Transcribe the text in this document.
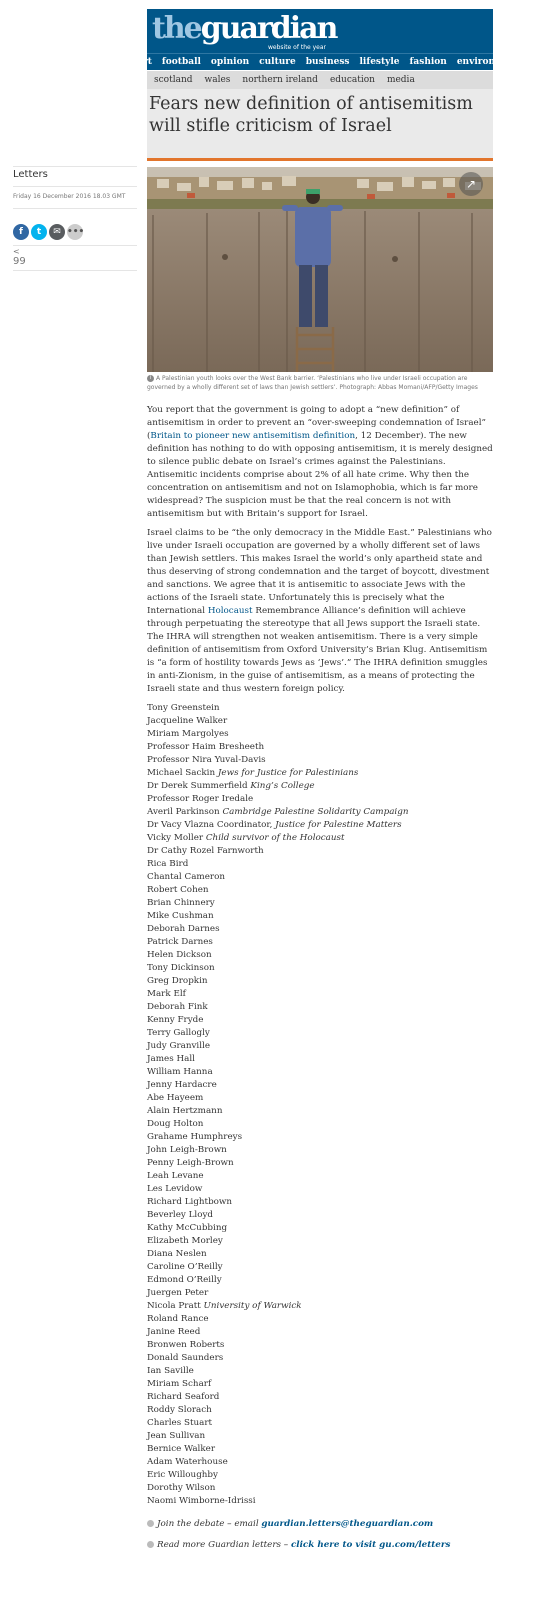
theguardian
website of the year
rt football opinion culture business lifestyle fashion environment tech
scotland wales northern ireland education media
Fears new definition of antisemitism will stifle criticism of Israel
Letters
Friday 16 December 2016 18.03 GMT
f	t	✉ •••
<
99
↗
i A Palestinian youth looks over the West Bank barrier. ‘Palestinians who live under Israeli occupation are governed by a wholly different set of laws than Jewish settlers’. Photograph: Abbas Momani/AFP/Getty Images

You report that the government is going to adopt a “new definition” of antisemitism in order to prevent an “over-sweeping condemnation of Israel” (Britain to pioneer new antisemitism definition, 12 December). The new definition has nothing to do with opposing antisemitism, it is merely designed to silence public debate on Israel’s crimes against the Palestinians. Antisemitic incidents comprise about 2% of all hate crime. Why then the concentration on antisemitism and not on Islamophobia, which is far more widespread? The suspicion must be that the real concern is not with antisemitism but with Britain’s support for Israel.

Israel claims to be “the only democracy in the Middle East.” Palestinians who live under Israeli occupation are governed by a wholly different set of laws than Jewish settlers. This makes Israel the world’s only apartheid state and thus deserving of strong condemnation and the target of boycott, divestment and sanctions. We agree that it is antisemitic to associate Jews with the actions of the Israeli state. Unfortunately this is precisely what the International Holocaust Remembrance Alliance’s definition will achieve through perpetuating the stereotype that all Jews support the Israeli state. The IHRA will strengthen not weaken antisemitism. There is a very simple definition of antisemitism from Oxford University’s Brian Klug. Antisemitism is “a form of hostility towards Jews as ‘Jews’.” The IHRA definition smuggles in anti-Zionism, in the guise of antisemitism, as a means of protecting the Israeli state and thus western foreign policy.

Tony Greenstein
Jacqueline Walker
Miriam Margolyes
Professor Haim Bresheeth
Professor Nira Yuval-Davis
Michael Sackin Jews for Justice for Palestinians
Dr Derek Summerfield King’s College
Professor Roger Iredale
Averil Parkinson Cambridge Palestine Solidarity Campaign
Dr Vacy Vlazna Coordinator, Justice for Palestine Matters
Vicky Moller Child survivor of the Holocaust
Dr Cathy Rozel Farnworth
Rica Bird
Chantal Cameron
Robert Cohen
Brian Chinnery
Mike Cushman
Deborah Darnes
Patrick Darnes
Helen Dickson
Tony Dickinson
Greg Dropkin
Mark Elf
Deborah Fink
Kenny Fryde
Terry Gallogly
Judy Granville
James Hall
William Hanna
Jenny Hardacre
Abe Hayeem
Alain Hertzmann
Doug Holton
Grahame Humphreys
John Leigh-Brown
Penny Leigh-Brown
Leah Levane
Les Levidow
Richard Lightbown
Beverley Lloyd
Kathy McCubbing
Elizabeth Morley
Diana Neslen
Caroline O’Reilly
Edmond O’Reilly
Juergen Peter
Nicola Pratt University of Warwick
Roland Rance
Janine Reed
Bronwen Roberts
Donald Saunders
Ian Saville
Miriam Scharf
Richard Seaford
Roddy Slorach
Charles Stuart
Jean Sullivan
Bernice Walker
Adam Waterhouse
Eric Willoughby
Dorothy Wilson
Naomi Wimborne-Idrissi
Join the debate – email guardian.letters@theguardian.com
Read more Guardian letters – click here to visit gu.com/letters
